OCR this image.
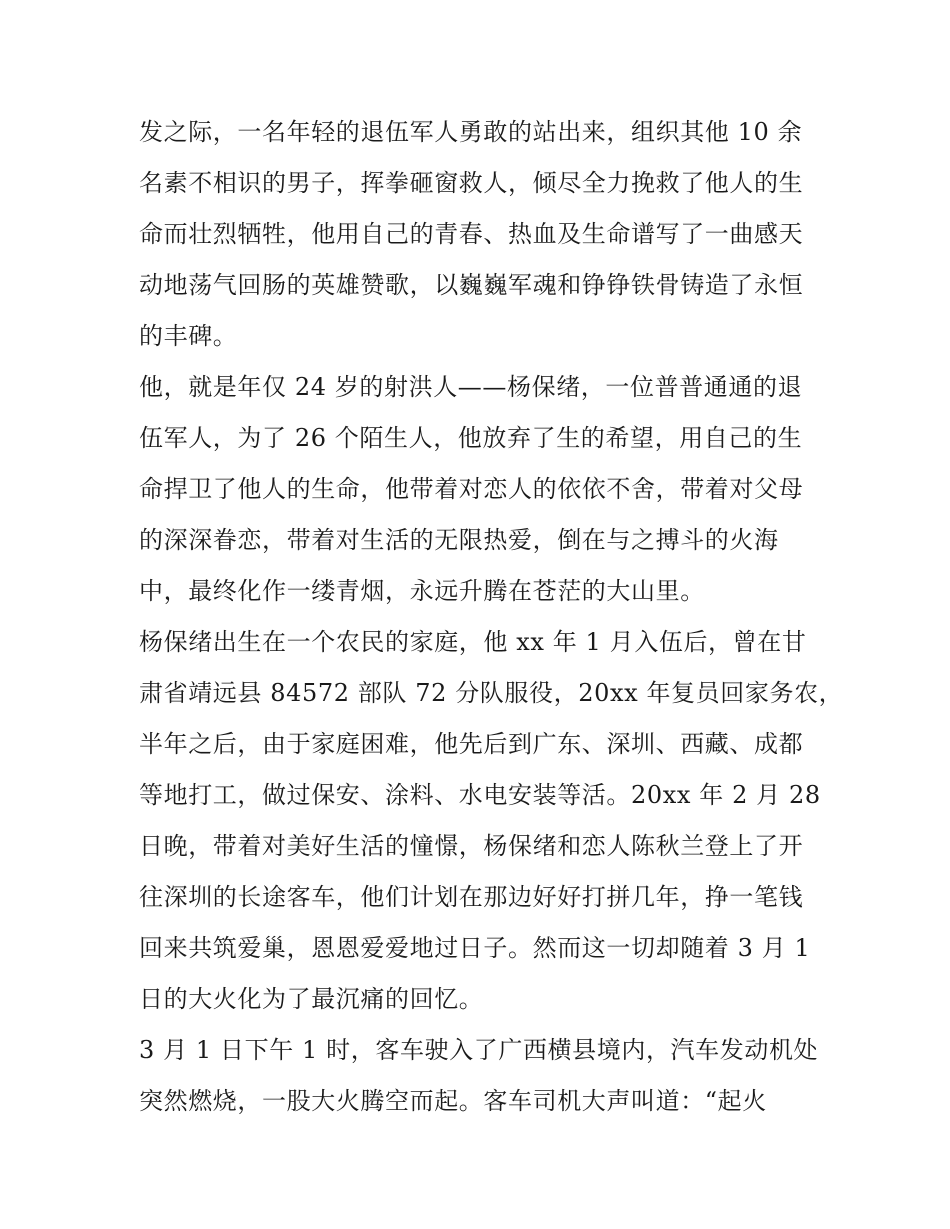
发之际，一名年轻的退伍军人勇敢的站出来，组织其他 10 余
名素不相识的男子，挥拳砸窗救人，倾尽全力挽救了他人的生
命而壮烈牺牲，他用自己的青春、热血及生命谱写了一曲感天
动地荡气回肠的英雄赞歌，以巍巍军魂和铮铮铁骨铸造了永恒
的丰碑。
他，就是年仅 24 岁的射洪人——杨保绪，一位普普通通的退
伍军人，为了 26 个陌生人，他放弃了生的希望，用自己的生
命捍卫了他人的生命，他带着对恋人的依依不舍，带着对父母
的深深眷恋，带着对生活的无限热爱，倒在与之搏斗的火海
中，最终化作一缕青烟，永远升腾在苍茫的大山里。
杨保绪出生在一个农民的家庭，他 xx 年 1 月入伍后，曾在甘
肃省靖远县 84572 部队 72 分队服役，20xx 年复员回家务农，
半年之后，由于家庭困难，他先后到广东、深圳、西藏、成都
等地打工，做过保安、涂料、水电安装等活。20xx 年 2 月 28
日晚，带着对美好生活的憧憬，杨保绪和恋人陈秋兰登上了开
往深圳的长途客车，他们计划在那边好好打拼几年，挣一笔钱
回来共筑爱巢，恩恩爱爱地过日子。然而这一切却随着 3 月 1
日的大火化为了最沉痛的回忆。
3 月 1 日下午 1 时，客车驶入了广西横县境内，汽车发动机处
突然燃烧，一股大火腾空而起。客车司机大声叫道：“起火
